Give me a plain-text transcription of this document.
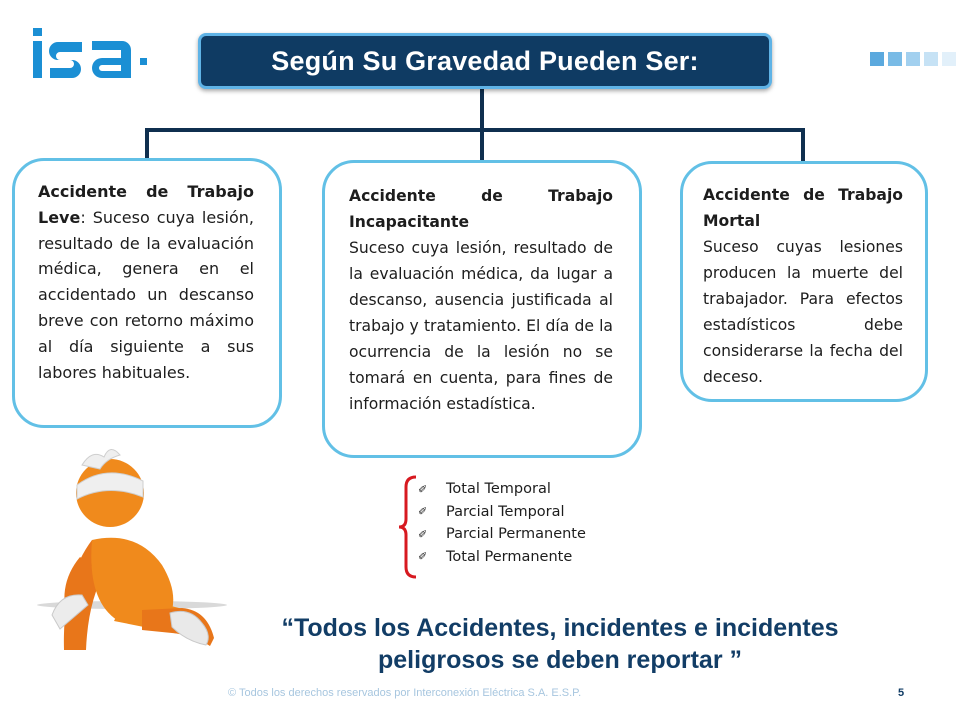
Según Su Gravedad Pueden Ser:
Accidente de Trabajo Leve: Suceso cuya lesión, resultado de la evaluación médica, genera en el accidentado un descanso breve con retorno máximo al día siguiente a sus labores habituales.
Accidente de Trabajo Incapacitante
Suceso cuya lesión, resultado de la evaluación médica, da lugar a descanso, ausencia justificada al trabajo y tratamiento. El día de la ocurrencia de la lesión no se tomará en cuenta, para fines de información estadística.
Accidente de Trabajo Mortal
Suceso cuyas lesiones producen la muerte del trabajador. Para efectos estadísticos debe considerarse la fecha del deceso.
✐	Total Temporal
✐	Parcial Temporal
✐	Parcial Permanente
✐	Total Permanente
“Todos los Accidentes, incidentes e incidentes peligrosos se deben reportar ”
© Todos los derechos reservados por Interconexión Eléctrica S.A. E.S.P.	5
